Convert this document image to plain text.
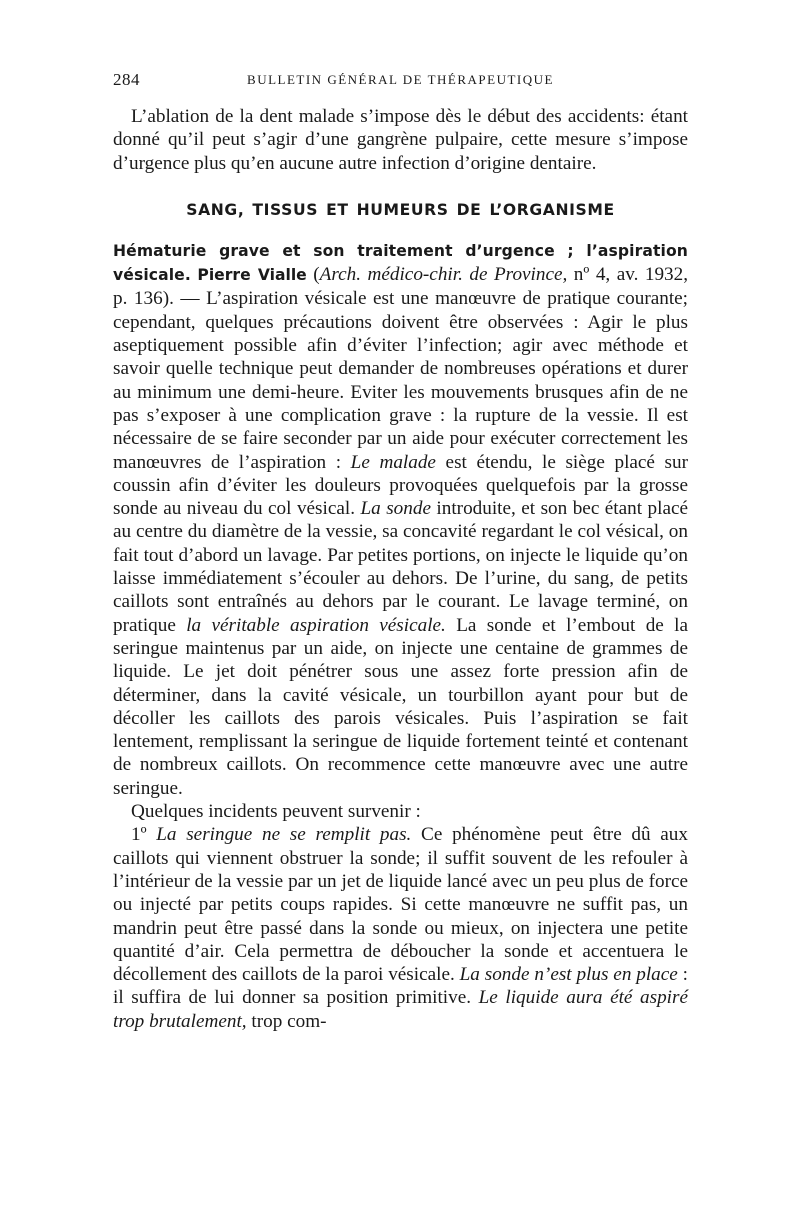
284	BULLETIN GÉNÉRAL DE THÉRAPEUTIQUE

L’ablation de la dent malade s’impose dès le début des accidents: étant donné qu’il peut s’agir d’une gangrène pulpaire, cette mesure s’impose d’urgence plus qu’en aucune autre infection d’origine dentaire.

SANG, TISSUS ET HUMEURS DE L’ORGANISME

Hématurie grave et son traitement d’urgence ; l’aspiration vésicale. Pierre Vialle (Arch. médico-chir. de Province, nº 4, av. 1932, p. 136). — L’aspiration vésicale est une manœuvre de pratique courante; cependant, quelques précautions doivent être observées : Agir le plus aseptiquement possible afin d’éviter l’infection; agir avec méthode et savoir quelle technique peut demander de nombreuses opérations et durer au minimum une demi-heure. Eviter les mouvements brusques afin de ne pas s’exposer à une complication grave : la rupture de la vessie. Il est nécessaire de se faire seconder par un aide pour exécuter correctement les manœuvres de l’aspiration : Le malade est étendu, le siège placé sur coussin afin d’éviter les douleurs provoquées quelquefois par la grosse sonde au niveau du col vésical. La sonde introduite, et son bec étant placé au centre du diamètre de la vessie, sa concavité regardant le col vésical, on fait tout d’abord un lavage. Par petites portions, on injecte le liquide qu’on laisse immédiatement s’écouler au dehors. De l’urine, du sang, de petits caillots sont entraînés au dehors par le courant. Le lavage terminé, on pratique la véritable aspiration vésicale. La sonde et l’embout de la seringue maintenus par un aide, on injecte une centaine de grammes de liquide. Le jet doit pénétrer sous une assez forte pression afin de déterminer, dans la cavité vésicale, un tourbillon ayant pour but de décoller les caillots des parois vésicales. Puis l’aspiration se fait lentement, remplissant la seringue de liquide fortement teinté et contenant de nombreux caillots. On recommence cette manœuvre avec une autre seringue.

Quelques incidents peuvent survenir :

1º La seringue ne se remplit pas. Ce phénomène peut être dû aux caillots qui viennent obstruer la sonde; il suffit souvent de les refouler à l’intérieur de la vessie par un jet de liquide lancé avec un peu plus de force ou injecté par petits coups rapides. Si cette manœuvre ne suffit pas, un mandrin peut être passé dans la sonde ou mieux, on injectera une petite quantité d’air. Cela permettra de déboucher la sonde et accentuera le décollement des caillots de la paroi vésicale. La sonde n’est plus en place : il suffira de lui donner sa position primitive. Le liquide aura été aspiré trop brutalement, trop com-
